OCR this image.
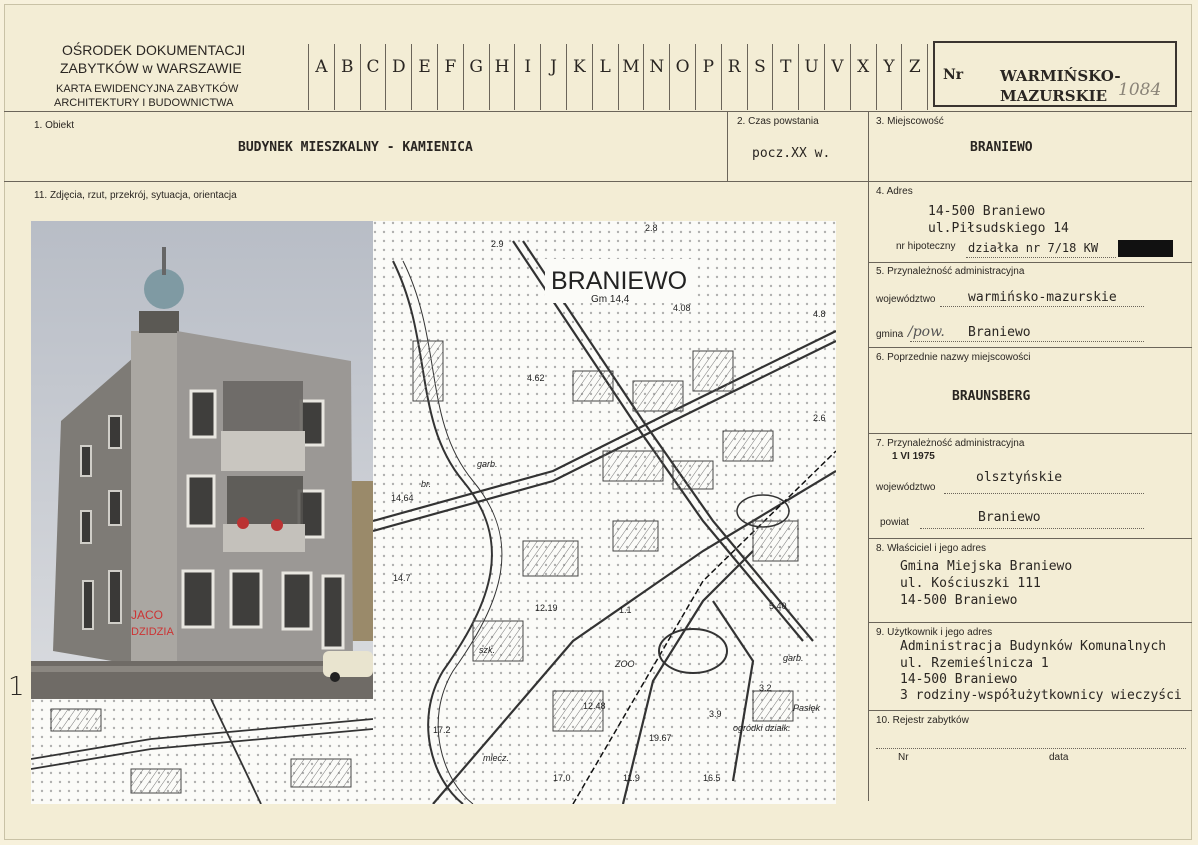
OŚRODEK DOKUMENTACJI
ZABYTKÓW w WARSZAWIE
KARTA EWIDENCYJNA ZABYTKÓW
ARCHITEKTURY I BUDOWNICTWA
A B C D E F G H I	J K L M N O P R S T U V X Y Z	Nr WARMIŃSKO-
MAZURSKIE 1084
1. Obiekt
BUDYNEK MIESZKALNY - KAMIENICA
2. Czas powstania
pocz.XX w.
3. Miejscowość
BRANIEWO
11. Zdjęcia, rzut, przekrój, sytuacja, orientacja
1
JACO
DZIDZIA
BRANIEWO
Gm 14,4
2.9
2.8
4.08
4.62
4.8
14.64
br.
garb.
12.19	1.1	5.40
szk.
ZOO
12.48
3.9
3.2
garb.
Pasłęk
ogródki działk.
mlecz.
17.2
19.67
16.5
17.0	11.9
2.6
14.7
4. Adres
14-500 Braniewo
ul.Piłsudskiego 14
nr hipoteczny działka nr 7/18 KW
5. Przynależność administracyjna
województwo	warmińsko-mazurskie
gmina /pow. Braniewo
6. Poprzednie nazwy miejscowości
BRAUNSBERG
7. Przynależność administracyjna
1 VI 1975
województwo
olsztyńskie
powiat	Braniewo
8. Właściciel i jego adres
Gmina Miejska Braniewo
ul. Kościuszki 111
14-500 Braniewo
9. Użytkownik i jego adres
Administracja Budynków Komunalnych
ul. Rzemieślnicza 1
14-500 Braniewo
3 rodziny-współużytkownicy wieczyści
10. Rejestr zabytków
Nr	data
